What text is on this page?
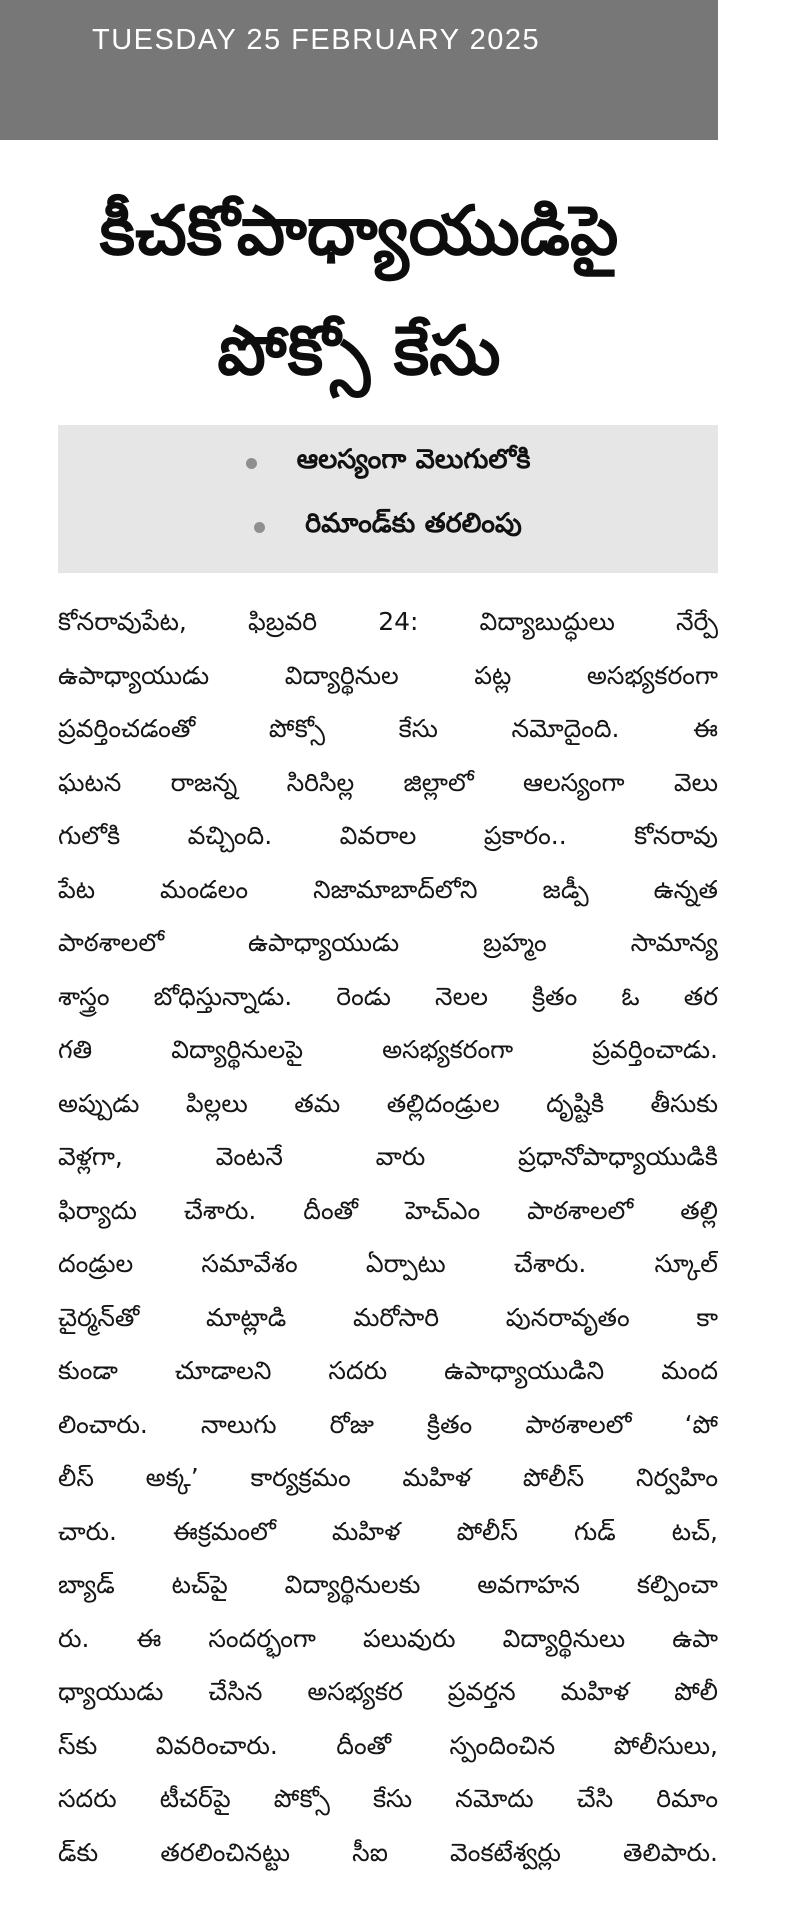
TUESDAY 25 FEBRUARY 2025
కీచకోపాధ్యాయుడిపై
పోక్సో కేసు
ఆలస్యంగా వెలుగులోకి
రిమాండ్‌కు తరలింపు
కోనరావుపేట, ఫిబ్రవరి 24: విద్యాబుద్ధులు నేర్పే
ఉపాధ్యాయుడు విద్యార్థినుల పట్ల అసభ్యకరంగా
ప్రవర్తించడంతో పోక్సో కేసు నమోదైంది. ఈ
ఘటన రాజన్న సిరిసిల్ల జిల్లాలో ఆలస్యంగా వెలు
గులోకి వచ్చింది. వివరాల ప్రకారం.. కోనరావు
పేట మండలం నిజామాబాద్‌లోని జడ్పీ ఉన్నత
పాఠశాలలో ఉపాధ్యాయుడు బ్రహ్మం సామాన్య
శాస్త్రం బోధిస్తున్నాడు. రెండు నెలల క్రితం ఓ తర
గతి విద్యార్థినులపై అసభ్యకరంగా ప్రవర్తించాడు.
అప్పుడు పిల్లలు తమ తల్లిదండ్రుల దృష్టికి తీసుకు
వెళ్లగా, వెంటనే వారు ప్రధానోపాధ్యాయుడికి
ఫిర్యాదు చేశారు. దీంతో హెచ్‌ఎం పాఠశాలలో తల్లి
దండ్రుల సమావేశం ఏర్పాటు చేశారు. స్కూల్
చైర్మన్‌తో మాట్లాడి మరోసారి పునరావృతం కా
కుండా చూడాలని సదరు ఉపాధ్యాయుడిని మంద
లించారు. నాలుగు రోజు క్రితం పాఠశాలలో ‘పో
లీస్ అక్క’ కార్యక్రమం మహిళ పోలీస్ నిర్వహిం
చారు. ఈక్రమంలో మహిళ పోలీస్ గుడ్ టచ్,
బ్యాడ్ టచ్‌పై విద్యార్థినులకు అవగాహన కల్పించా
రు. ఈ సందర్భంగా పలువురు విద్యార్థినులు ఉపా
ధ్యాయుడు చేసిన అసభ్యకర ప్రవర్తన మహిళ పోలీ
స్‌కు వివరించారు. దీంతో స్పందించిన పోలీసులు,
సదరు టీచర్‌పై పోక్సో కేసు నమోదు చేసి రిమాం
డ్‌కు తరలించినట్టు సీఐ వెంకటేశ్వర్లు తెలిపారు.
